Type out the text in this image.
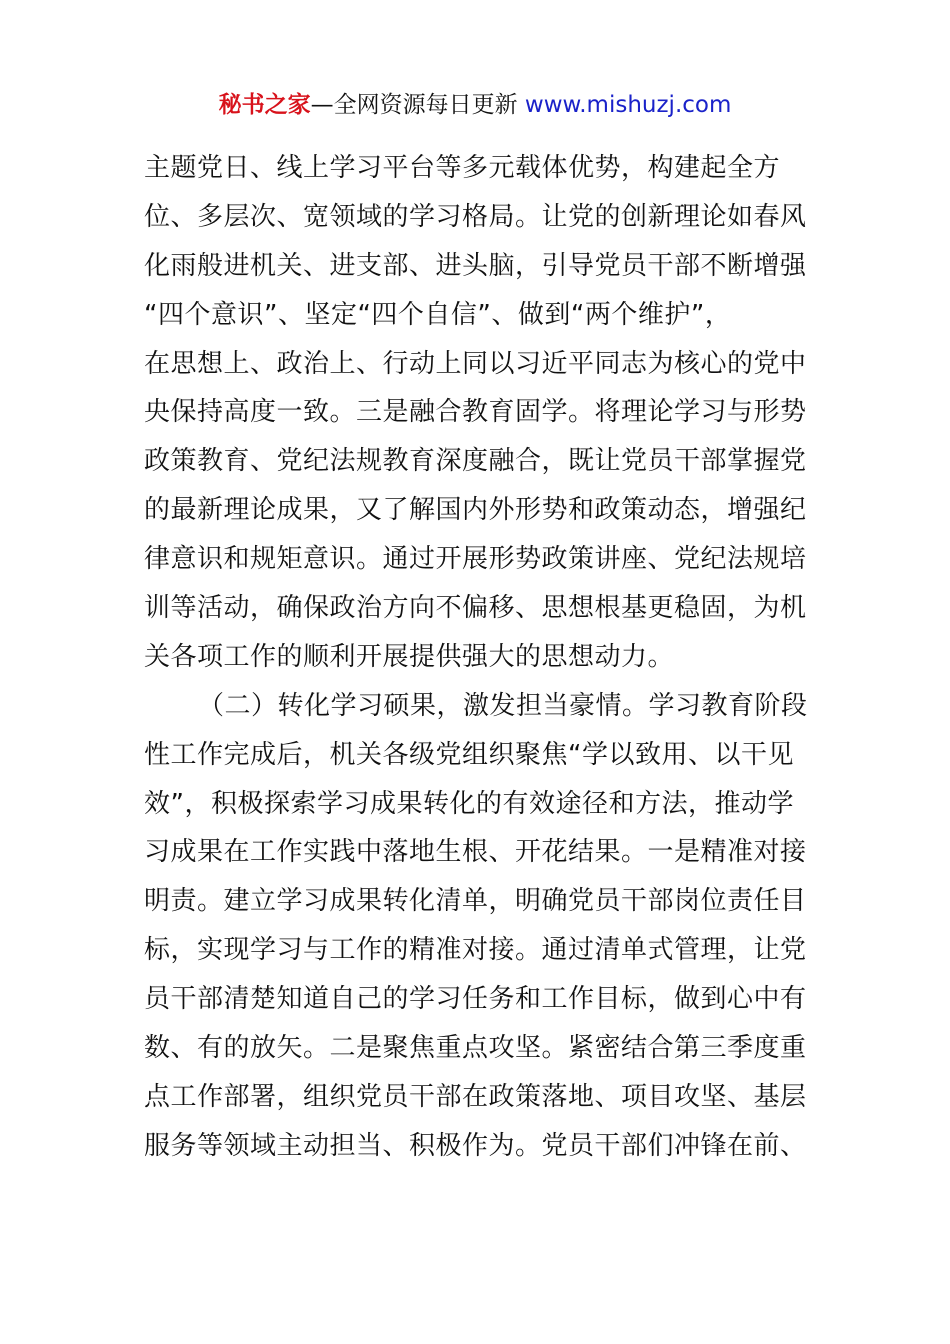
秘书之家—全网资源每日更新 www.mishuzj.com
主题党日、线上学习平台等多元载体优势，构建起全方
位、多层次、宽领域的学习格局。让党的创新理论如春风
化雨般进机关、进支部、进头脑，引导党员干部不断增强
“四个意识”、坚定“四个自信”、做到“两个维护”，
在思想上、政治上、行动上同以习近平同志为核心的党中
央保持高度一致。三是融合教育固学。将理论学习与形势
政策教育、党纪法规教育深度融合，既让党员干部掌握党
的最新理论成果，又了解国内外形势和政策动态，增强纪
律意识和规矩意识。通过开展形势政策讲座、党纪法规培
训等活动，确保政治方向不偏移、思想根基更稳固，为机
关各项工作的顺利开展提供强大的思想动力。
（二）转化学习硕果，激发担当豪情。学习教育阶段
性工作完成后，机关各级党组织聚焦“学以致用、以干见
效”，积极探索学习成果转化的有效途径和方法，推动学
习成果在工作实践中落地生根、开花结果。一是精准对接
明责。建立学习成果转化清单，明确党员干部岗位责任目
标，实现学习与工作的精准对接。通过清单式管理，让党
员干部清楚知道自己的学习任务和工作目标，做到心中有
数、有的放矢。二是聚焦重点攻坚。紧密结合第三季度重
点工作部署，组织党员干部在政策落地、项目攻坚、基层
服务等领域主动担当、积极作为。党员干部们冲锋在前、
